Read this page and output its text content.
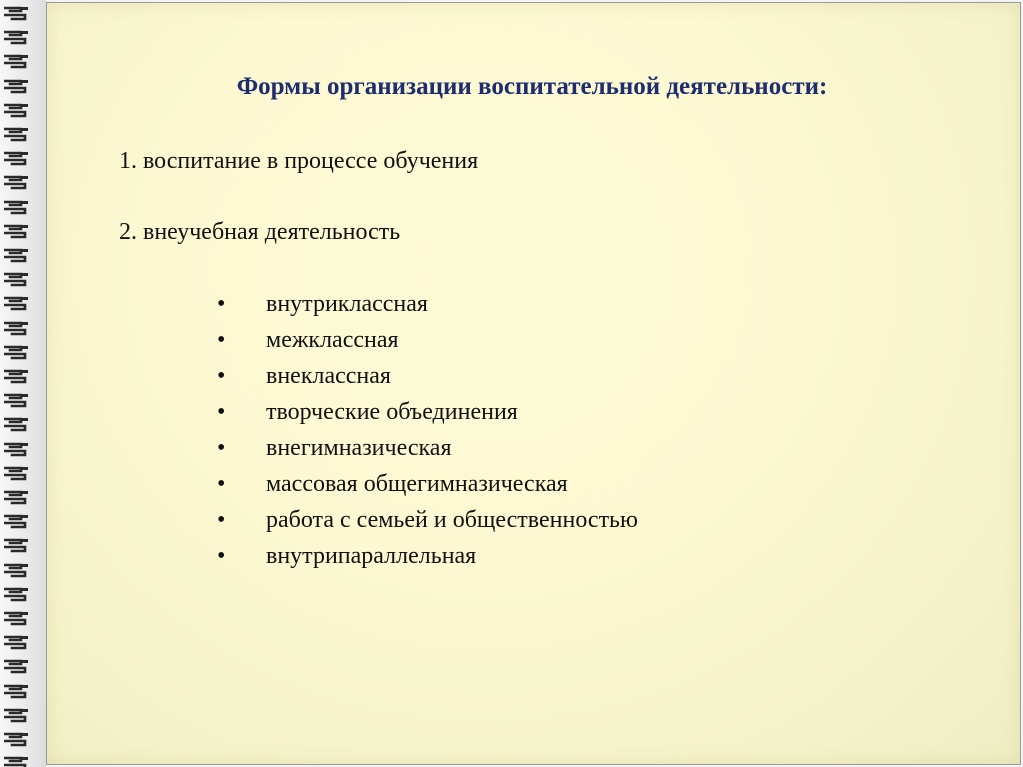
Формы организации воспитательной деятельности:

1. воспитание в процессе обучения

2. внеучебная деятельность

•	внутриклассная
•	межклассная
•	внеклассная
•	творческие объединения
•	внегимназическая
•	массовая общегимназическая
•	работа с семьей и общественностью
•	внутрипараллельная
